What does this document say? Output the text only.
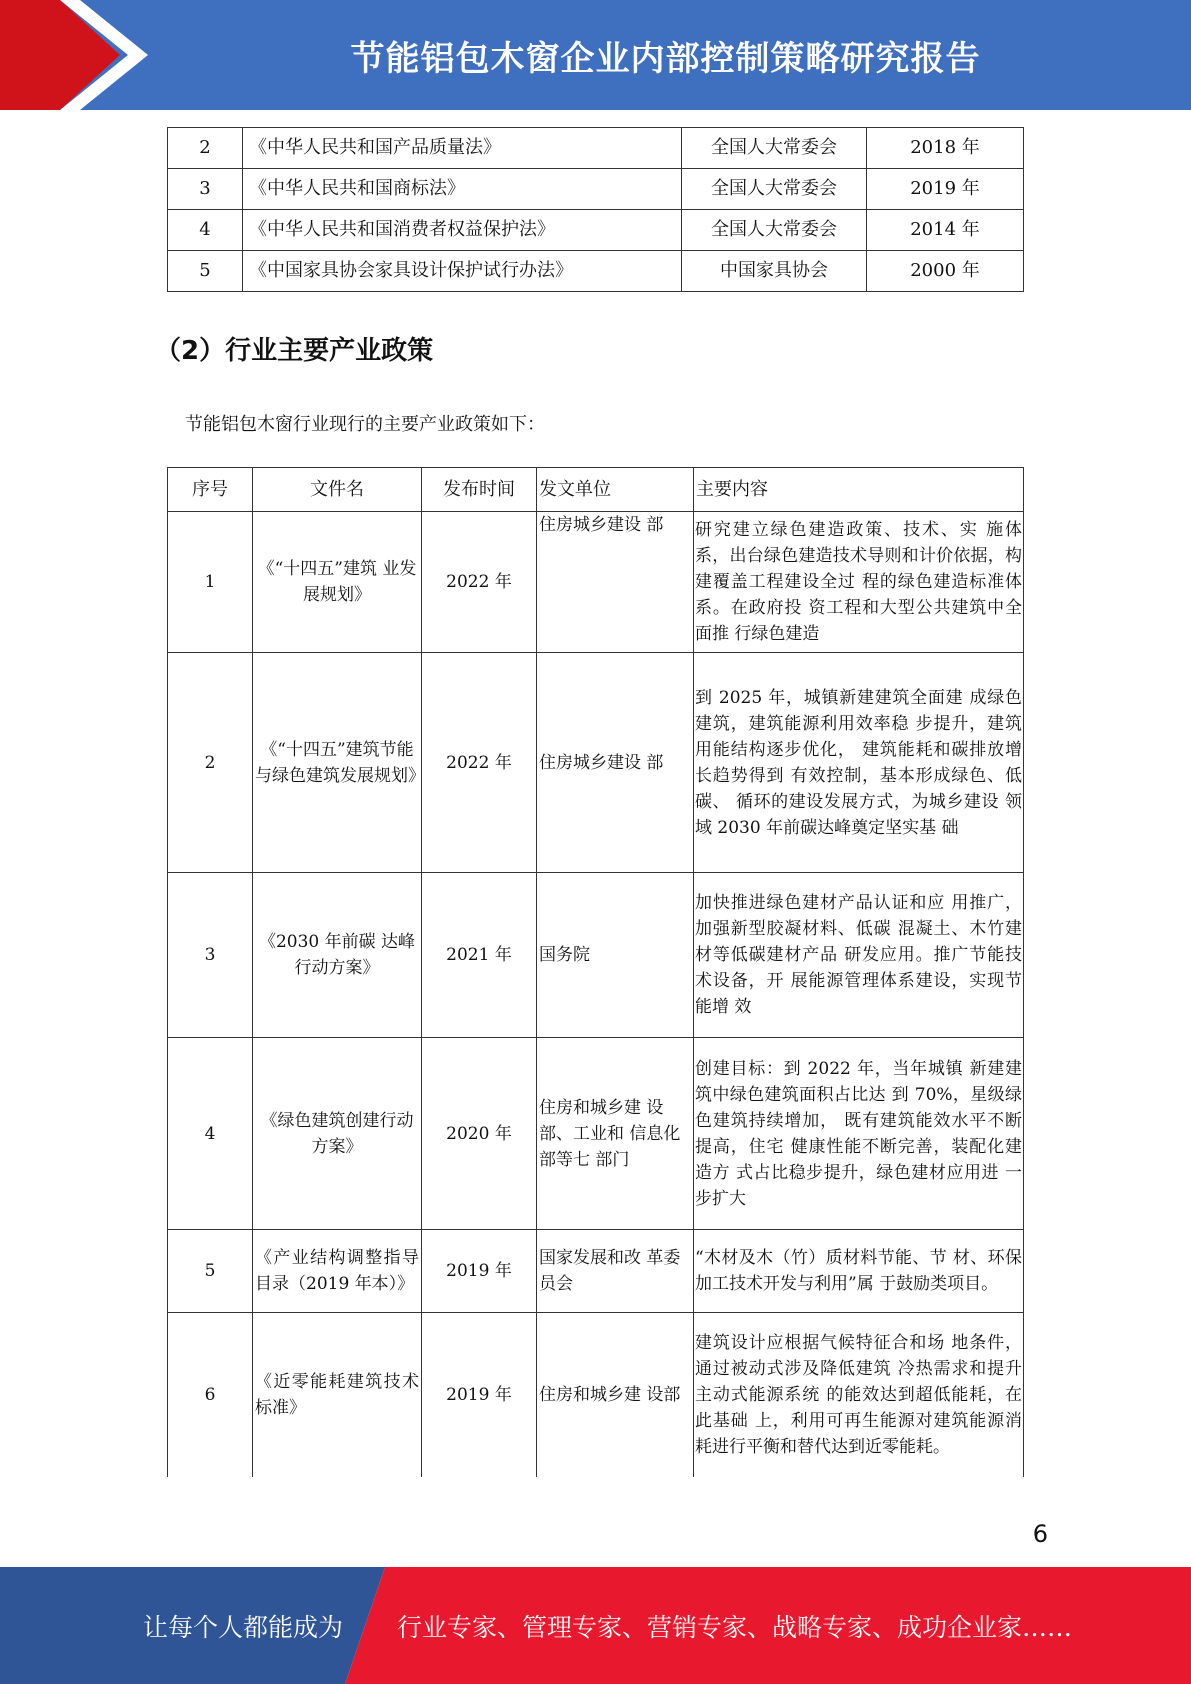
节能铝包木窗企业内部控制策略研究报告
2	《中华人民共和国产品质量法》	全国人大常委会	2018 年
3	《中华人民共和国商标法》	全国人大常委会	2019 年
4	《中华人民共和国消费者权益保护法》	全国人大常委会	2014 年
5	《中国家具协会家具设计保护试行办法》	中国家具协会	2000 年
（2）行业主要产业政策
节能铝包木窗行业现行的主要产业政策如下：
序号	文件名	发布时间	发文单位	主要内容
1	《“十四五”建筑 业发展规划》	2022 年	住房城乡建设 部	研究建立绿色建造政策、技术、实 施体系，出台绿色建造技术导则和计价依据，构建覆盖工程建设全过 程的绿色建造标准体系。在政府投 资工程和大型公共建筑中全面推 行绿色建造
2	《“十四五”建筑节能与绿色建筑发展规划》	2022 年	住房城乡建设 部	到 2025 年，城镇新建建筑全面建 成绿色建筑，建筑能源利用效率稳 步提升，建筑用能结构逐步优化， 建筑能耗和碳排放增长趋势得到 有效控制，基本形成绿色、低碳、 循环的建设发展方式，为城乡建设 领域 2030 年前碳达峰奠定坚实基 础
3	《2030 年前碳 达峰行动方案》	2021 年	国务院	加快推进绿色建材产品认证和应 用推广，加强新型胶凝材料、低碳 混凝土、木竹建材等低碳建材产品 研发应用。推广节能技术设备，开 展能源管理体系建设，实现节能增 效
4	《绿色建筑创建行动方案》	2020 年	住房和城乡建 设部、工业和 信息化部等七 部门	创建目标：到 2022 年，当年城镇 新建建筑中绿色建筑面积占比达 到 70%，星级绿色建筑持续增加， 既有建筑能效水平不断提高，住宅 健康性能不断完善，装配化建造方 式占比稳步提升，绿色建材应用进 一步扩大
5	《产业结构调整指导目录（2019 年本）》	2019 年	国家发展和改 革委员会	“木材及木（竹）质材料节能、节 材、环保加工技术开发与利用”属 于鼓励类项目。
6	《近零能耗建筑技术标准》	2019 年	住房和城乡建 设部	建筑设计应根据气候特征合和场 地条件，通过被动式涉及降低建筑 冷热需求和提升主动式能源系统 的能效达到超低能耗，在此基础 上，利用可再生能源对建筑能源消 耗进行平衡和替代达到近零能耗。
6
让每个人都能成为 行业专家、管理专家、营销专家、战略专家、成功企业家……
